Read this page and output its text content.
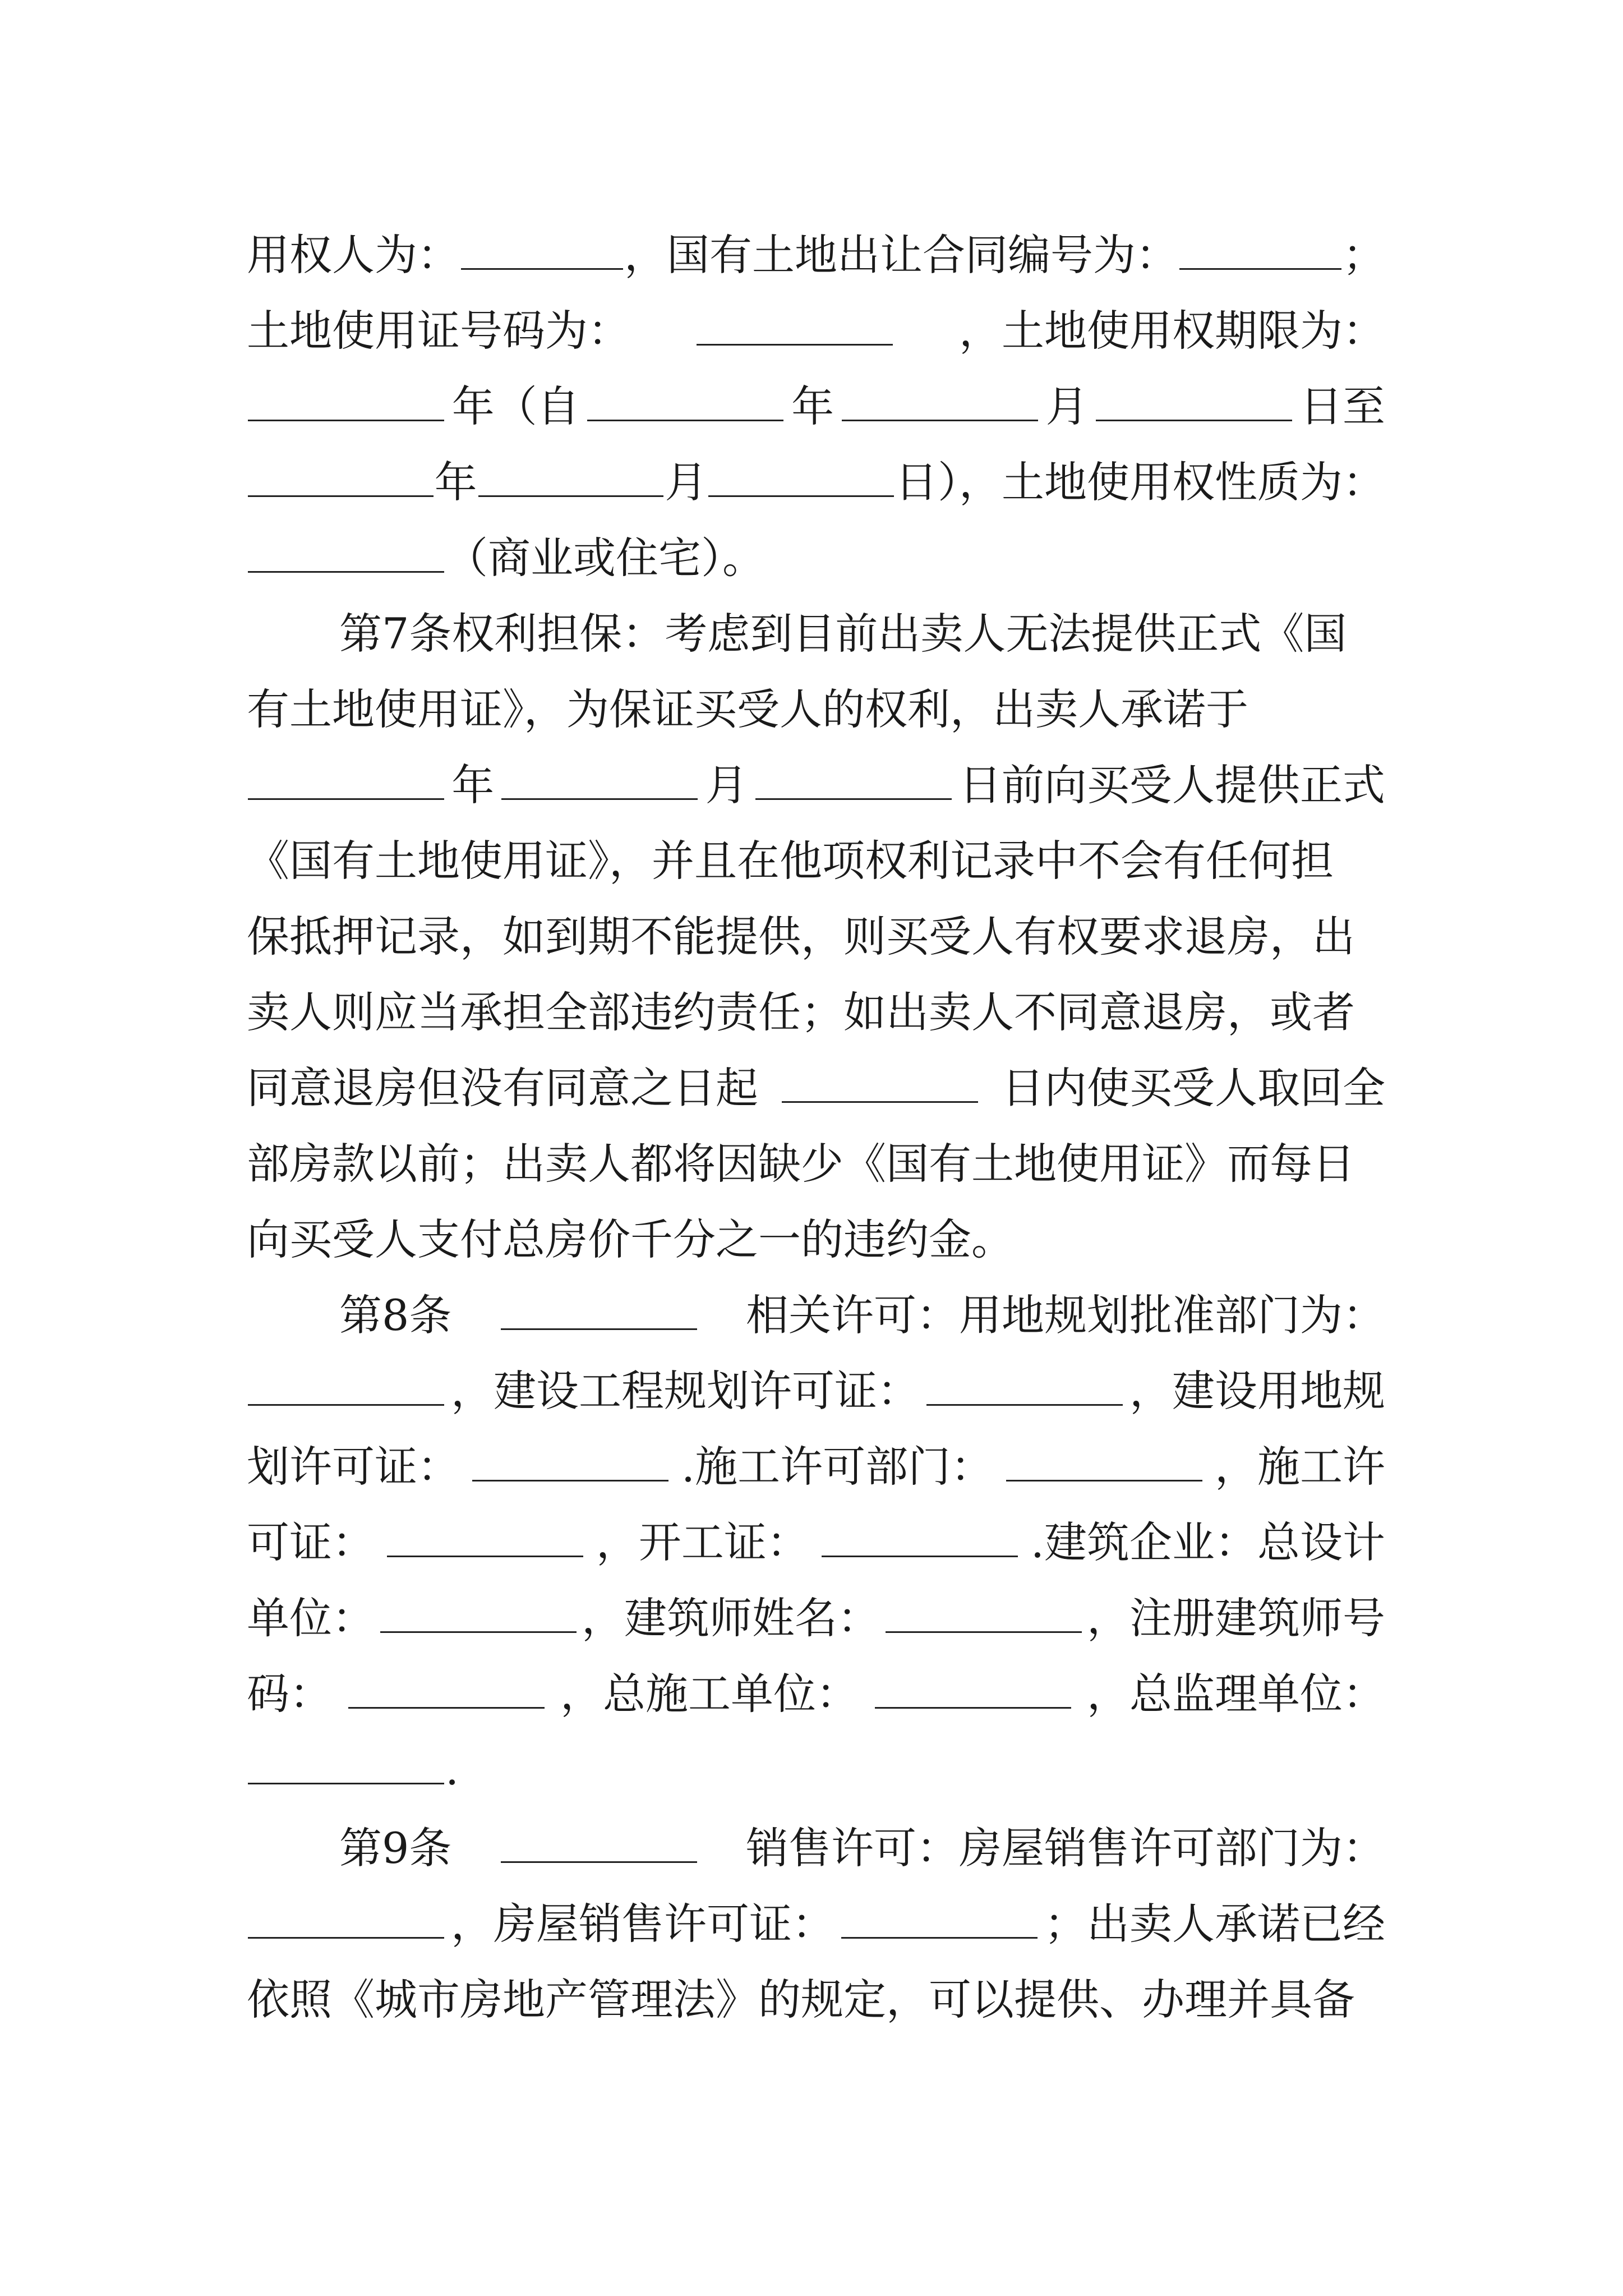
用权人为：	，国有土地出让合同编号为：	；

土地使用证号码为：	，土地使用权期限为：

年（自	年	月	日至

年	月	日），土地使用权性质为：

（商业或住宅）。

第7条权利担保：考虑到目前出卖人无法提供正式《国

有土地使用证》，为保证买受人的权利，出卖人承诺于

年	月	日前向买受人提供正式

《国有土地使用证》，并且在他项权利记录中不会有任何担

保抵押记录，如到期不能提供，则买受人有权要求退房，出

卖人则应当承担全部违约责任；如出卖人不同意退房，或者

同意退房但没有同意之日起	日内使买受人取回全

部房款以前；出卖人都将因缺少《国有土地使用证》而每日

向买受人支付总房价千分之一的违约金。

第8条	相关许可：用地规划批准部门为：

，建设工程规划许可证：	，建设用地规

划许可证：	.施工许可部门：	，施工许

可证：	，开工证：	.建筑企业：总设计

单位：	，建筑师姓名：	，注册建筑师号

码：	，总施工单位：	，总监理单位：

.

第9条	销售许可：房屋销售许可部门为：

，房屋销售许可证：	；出卖人承诺已经

依照《城市房地产管理法》的规定，可以提供、办理并具备
